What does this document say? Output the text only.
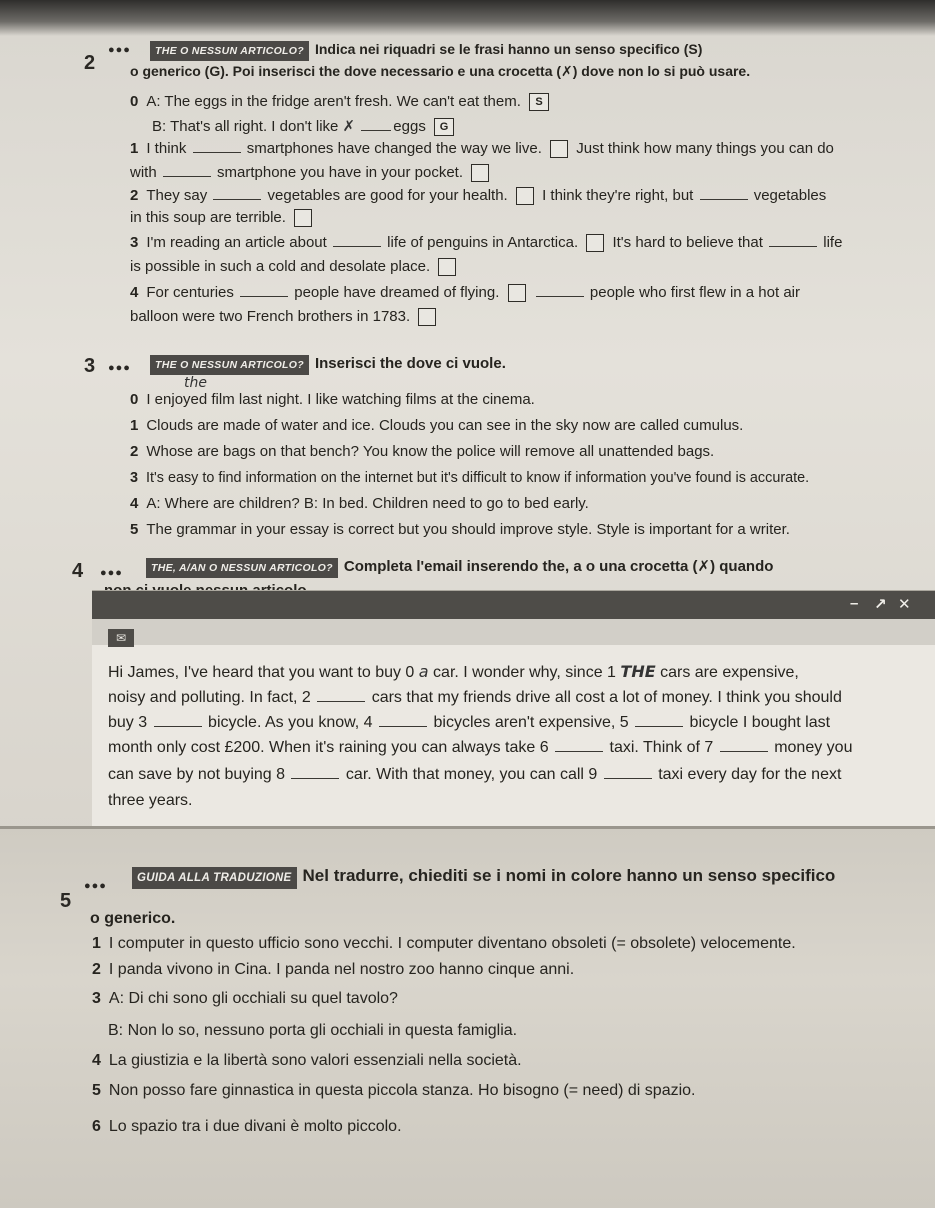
2
●●●	THE O NESSUN ARTICOLO? Indica nei riquadri se le frasi hanno un senso specifico (S)
o generico (G). Poi inserisci the dove necessario e una crocetta (✗) dove non lo si può usare.
0 A: The eggs in the fridge aren't fresh. We can't eat them. S
B: That's all right. I don't like ✗	eggs G
1 I think	smartphones have changed the way we live. Just think how many things you can do
with	smartphone you have in your pocket.
2 They say	vegetables are good for your health. I think they're right, but	vegetables
in this soup are terrible.
3 I'm reading an article about	life of penguins in Antarctica. It's hard to believe that	life
is possible in such a cold and desolate place.
4 For centuries	people have dreamed of flying.	people who first flew in a hot air
balloon were two French brothers in 1783.
3 ●●●	THE O NESSUN ARTICOLO? Inserisci the dove ci vuole.
the
0 I enjoyed film last night. I like watching films at the cinema.
1 Clouds are made of water and ice. Clouds you can see in the sky now are called cumulus.
2 Whose are bags on that bench? You know the police will remove all unattended bags.
3 It's easy to find information on the internet but it's difficult to know if information you've found is accurate.
4 A: Where are children? B: In bed. Children need to go to bed early.
5 The grammar in your essay is correct but you should improve style. Style is important for a writer.
4 ●●●	THE, A/AN O NESSUN ARTICOLO? Completa l'email inserendo the, a o una crocetta (✗) quando
– ↗ ✕
✉
Hi James, I've heard that you want to buy 0 a car. I wonder why, since 1 THE cars are expensive,
noisy and polluting. In fact, 2	cars that my friends drive all cost a lot of money. I think you should
buy 3	bicycle. As you know, 4	bicycles aren't expensive, 5	bicycle I bought last
month only cost £200. When it's raining you can always take 6	taxi. Think of 7	money you
can save by not buying 8	car. With that money, you can call 9	taxi every day for the next
three years.
5
●●●
GUIDA ALLA TRADUZIONE Nel tradurre, chiediti se i nomi in colore hanno un senso specifico
o generico.
1 I computer in questo ufficio sono vecchi. I computer diventano obsoleti (= obsolete) velocemente.
2 I panda vivono in Cina. I panda nel nostro zoo hanno cinque anni.
3 A: Di chi sono gli occhiali su quel tavolo?
B: Non lo so, nessuno porta gli occhiali in questa famiglia.
4 La giustizia e la libertà sono valori essenziali nella società.
5 Non posso fare ginnastica in questa piccola stanza. Ho bisogno (= need) di spazio.
6 Lo spazio tra i due divani è molto piccolo.
